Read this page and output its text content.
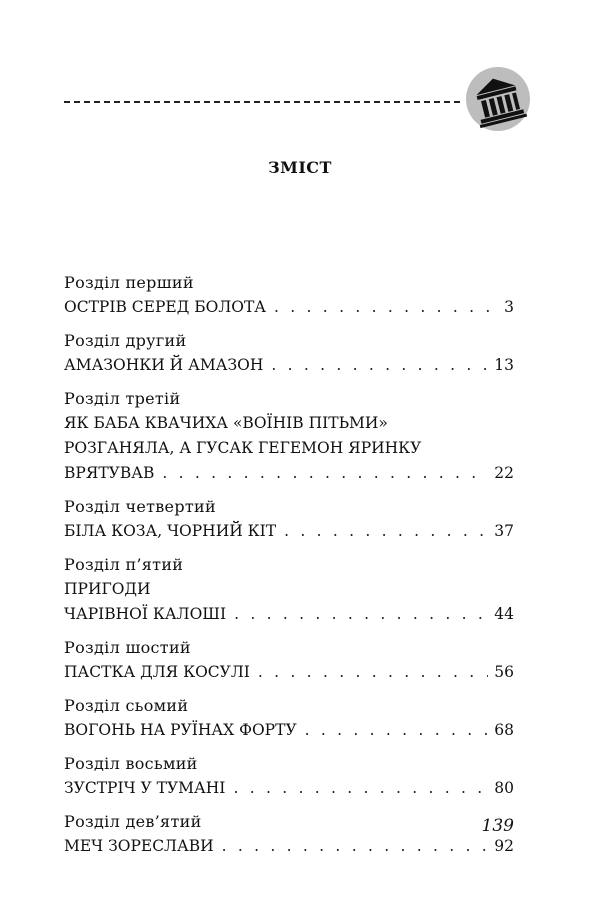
ЗМІСТ
Розділ перший
ОСТРІВ СЕРЕД БОЛОТА . . .	3
Розділ другий
АМАЗОНКИ Й АМАЗОН . . .	13
Розділ третій
ЯК БАБА КВАЧИХА «ВОЇНІВ ПІТЬМИ»
РОЗГАНЯЛА, А ГУСАК ГЕГЕМОН ЯРИНКУ
ВРЯТУВАВ . . .	22
Розділ четвертий
БІЛА КОЗА, ЧОРНИЙ КІТ . . .	37
Розділ п’ятий
ПРИГОДИ
ЧАРІВНОЇ КАЛОШІ . . .	44
Розділ шостий
ПАСТКА ДЛЯ КОСУЛІ . . .	56
Розділ сьомий
ВОГОНЬ НА РУЇНАХ ФОРТУ . . .	68
Розділ восьмий
ЗУСТРІЧ У ТУМАНІ . . .	80
Розділ дев’ятий
МЕЧ ЗОРЕСЛАВИ . . .	92
139
